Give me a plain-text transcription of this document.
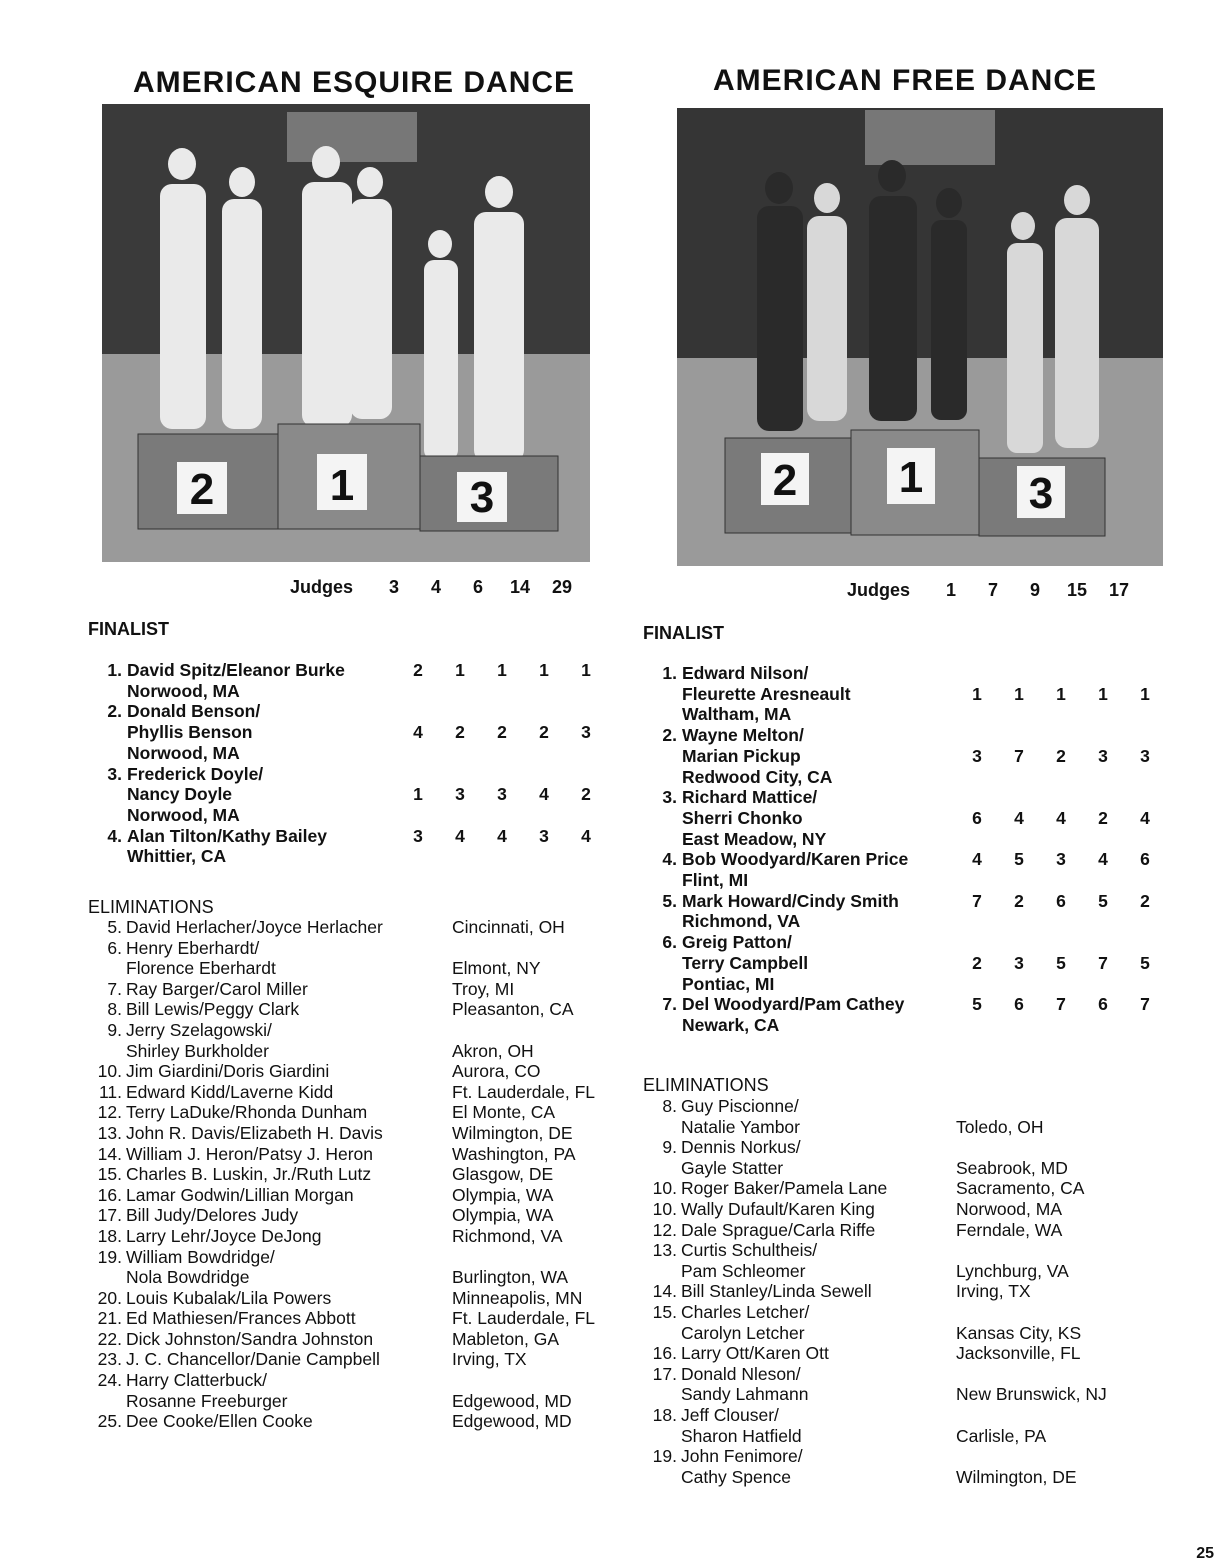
AMERICAN ESQUIRE DANCE
2	1	3
Judges	3	4	6	14	29
FINALIST
1. David Spitz/Eleanor Burke	2	1	1	1	1
Norwood, MA
2. Donald Benson/
Phyllis Benson	4	2	2	2	3
Norwood, MA
3. Frederick Doyle/
Nancy Doyle	1	3	3	4	2
Norwood, MA
4. Alan Tilton/Kathy Bailey	3	4	4	3	4
Whittier, CA
ELIMINATIONS
5. David Herlacher/Joyce Herlacher	Cincinnati, OH
6. Henry Eberhardt/
Florence Eberhardt	Elmont, NY
7. Ray Barger/Carol Miller	Troy, MI
8. Bill Lewis/Peggy Clark	Pleasanton, CA
9. Jerry Szelagowski/
Shirley Burkholder	Akron, OH
10. Jim Giardini/Doris Giardini	Aurora, CO
11. Edward Kidd/Laverne Kidd	Ft. Lauderdale, FL
12. Terry LaDuke/Rhonda Dunham	El Monte, CA
13. John R. Davis/Elizabeth H. Davis	Wilmington, DE
14. William J. Heron/Patsy J. Heron	Washington, PA
15. Charles B. Luskin, Jr./Ruth Lutz	Glasgow, DE
16. Lamar Godwin/Lillian Morgan	Olympia, WA
17. Bill Judy/Delores Judy	Olympia, WA
18. Larry Lehr/Joyce DeJong	Richmond, VA
19. William Bowdridge/
Nola Bowdridge	Burlington, WA
20. Louis Kubalak/Lila Powers	Minneapolis, MN
21. Ed Mathiesen/Frances Abbott	Ft. Lauderdale, FL
22. Dick Johnston/Sandra Johnston	Mableton, GA
23. J. C. Chancellor/Danie Campbell	Irving, TX
24. Harry Clatterbuck/
Rosanne Freeburger	Edgewood, MD
25. Dee Cooke/Ellen Cooke	Edgewood, MD
AMERICAN FREE DANCE
2 1 3
Judges	1	7	9	15	17
FINALIST
1. Edward Nilson/
Fleurette Aresneault	1	1	1	1	1
Waltham, MA
2. Wayne Melton/
Marian Pickup	3	7	2	3	3
Redwood City, CA
3. Richard Mattice/
Sherri Chonko	6	4	4	2	4
East Meadow, NY
4. Bob Woodyard/Karen Price	4	5	3	4	6
Flint, MI
5. Mark Howard/Cindy Smith	7	2	6	5	2
Richmond, VA
6. Greig Patton/
Terry Campbell	2	3	5	7	5
Pontiac, MI
7. Del Woodyard/Pam Cathey	5	6	7	6	7
Newark, CA
ELIMINATIONS
8. Guy Piscionne/
Natalie Yambor	Toledo, OH
9. Dennis Norkus/
Gayle Statter	Seabrook, MD
10. Roger Baker/Pamela Lane	Sacramento, CA
10. Wally Dufault/Karen King	Norwood, MA
12. Dale Sprague/Carla Riffe	Ferndale, WA
13. Curtis Schultheis/
Pam Schleomer	Lynchburg, VA
14. Bill Stanley/Linda Sewell	Irving, TX
15. Charles Letcher/
Carolyn Letcher	Kansas City, KS
16. Larry Ott/Karen Ott	Jacksonville, FL
17. Donald Nleson/
Sandy Lahmann	New Brunswick, NJ
18. Jeff Clouser/
Sharon Hatfield	Carlisle, PA
19. John Fenimore/
Cathy Spence	Wilmington, DE
25
